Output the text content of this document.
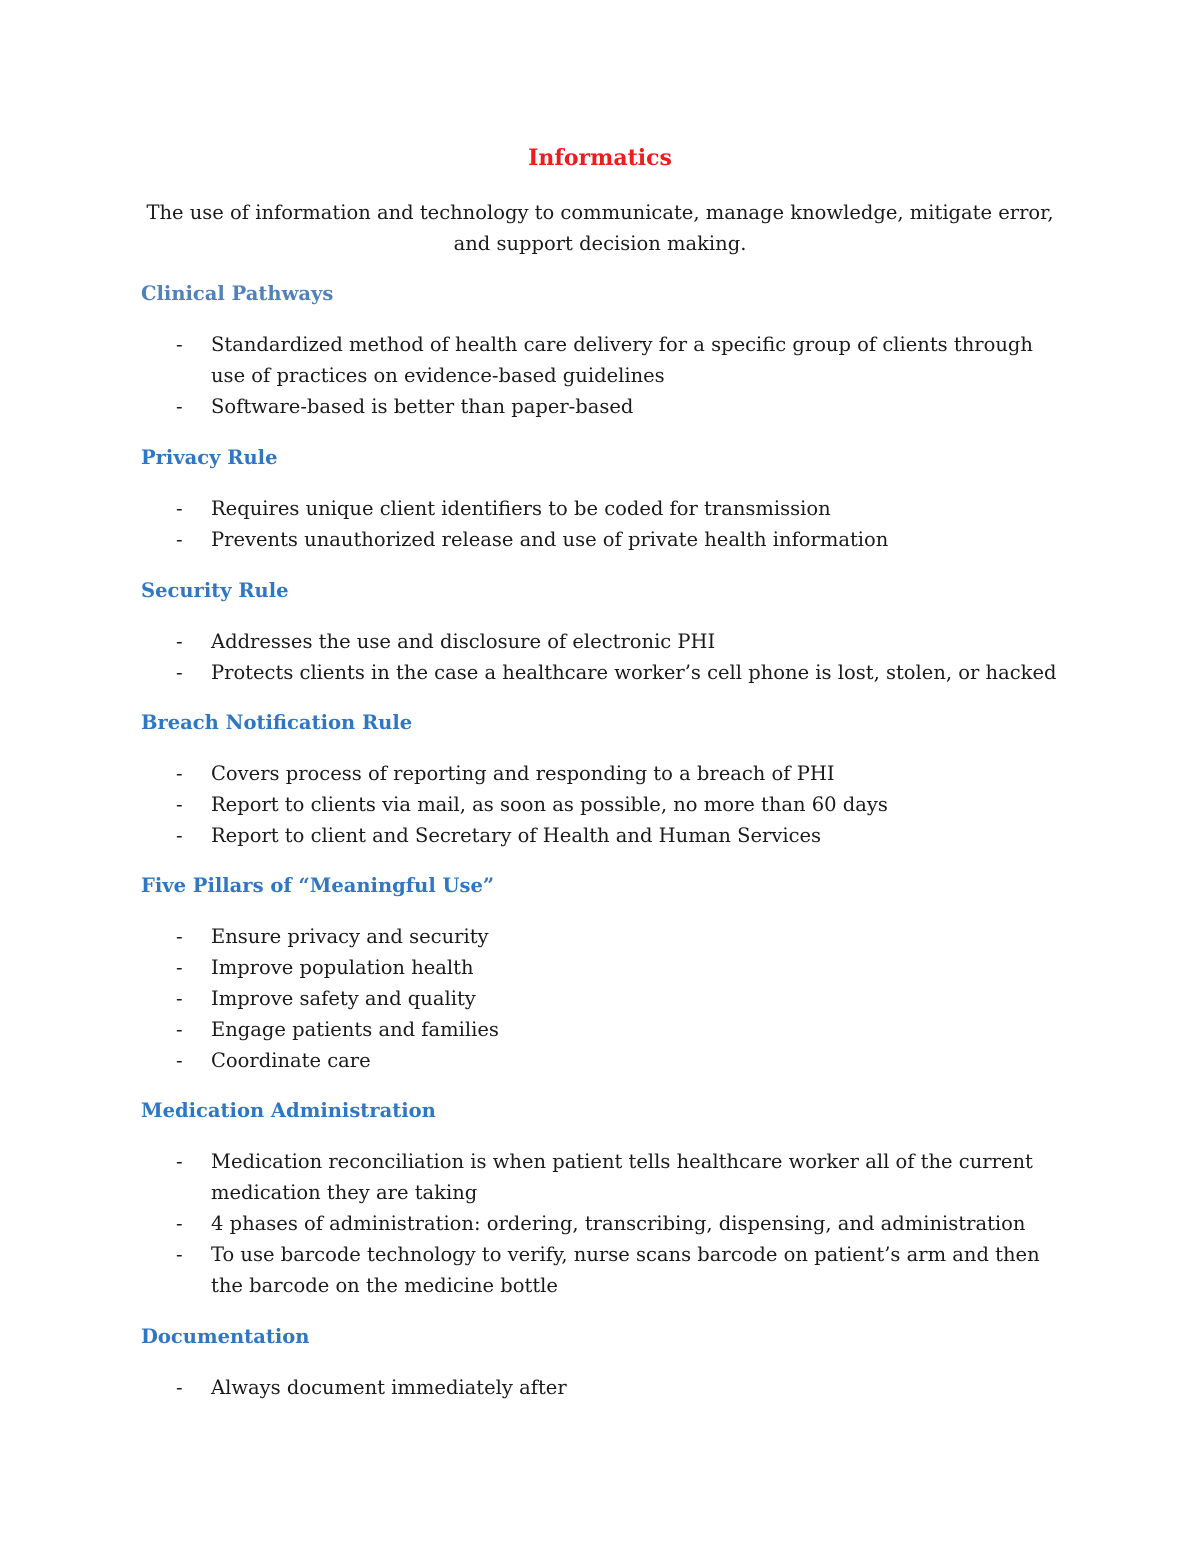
Informatics

The use of information and technology to communicate, manage knowledge, mitigate error, and support decision making.

Clinical Pathways
- Standardized method of health care delivery for a specific group of clients through use of practices on evidence-based guidelines
- Software-based is better than paper-based
Privacy Rule
- Requires unique client identifiers to be coded for transmission
- Prevents unauthorized release and use of private health information
Security Rule
- Addresses the use and disclosure of electronic PHI
- Protects clients in the case a healthcare worker’s cell phone is lost, stolen, or hacked
Breach Notification Rule
- Covers process of reporting and responding to a breach of PHI
- Report to clients via mail, as soon as possible, no more than 60 days
- Report to client and Secretary of Health and Human Services
Five Pillars of “Meaningful Use”
- Ensure privacy and security
- Improve population health
- Improve safety and quality
- Engage patients and families
- Coordinate care
Medication Administration
- Medication reconciliation is when patient tells healthcare worker all of the current medication they are taking
- 4 phases of administration: ordering, transcribing, dispensing, and administration
- To use barcode technology to verify, nurse scans barcode on patient’s arm and then the barcode on the medicine bottle
Documentation
- Always document immediately after
